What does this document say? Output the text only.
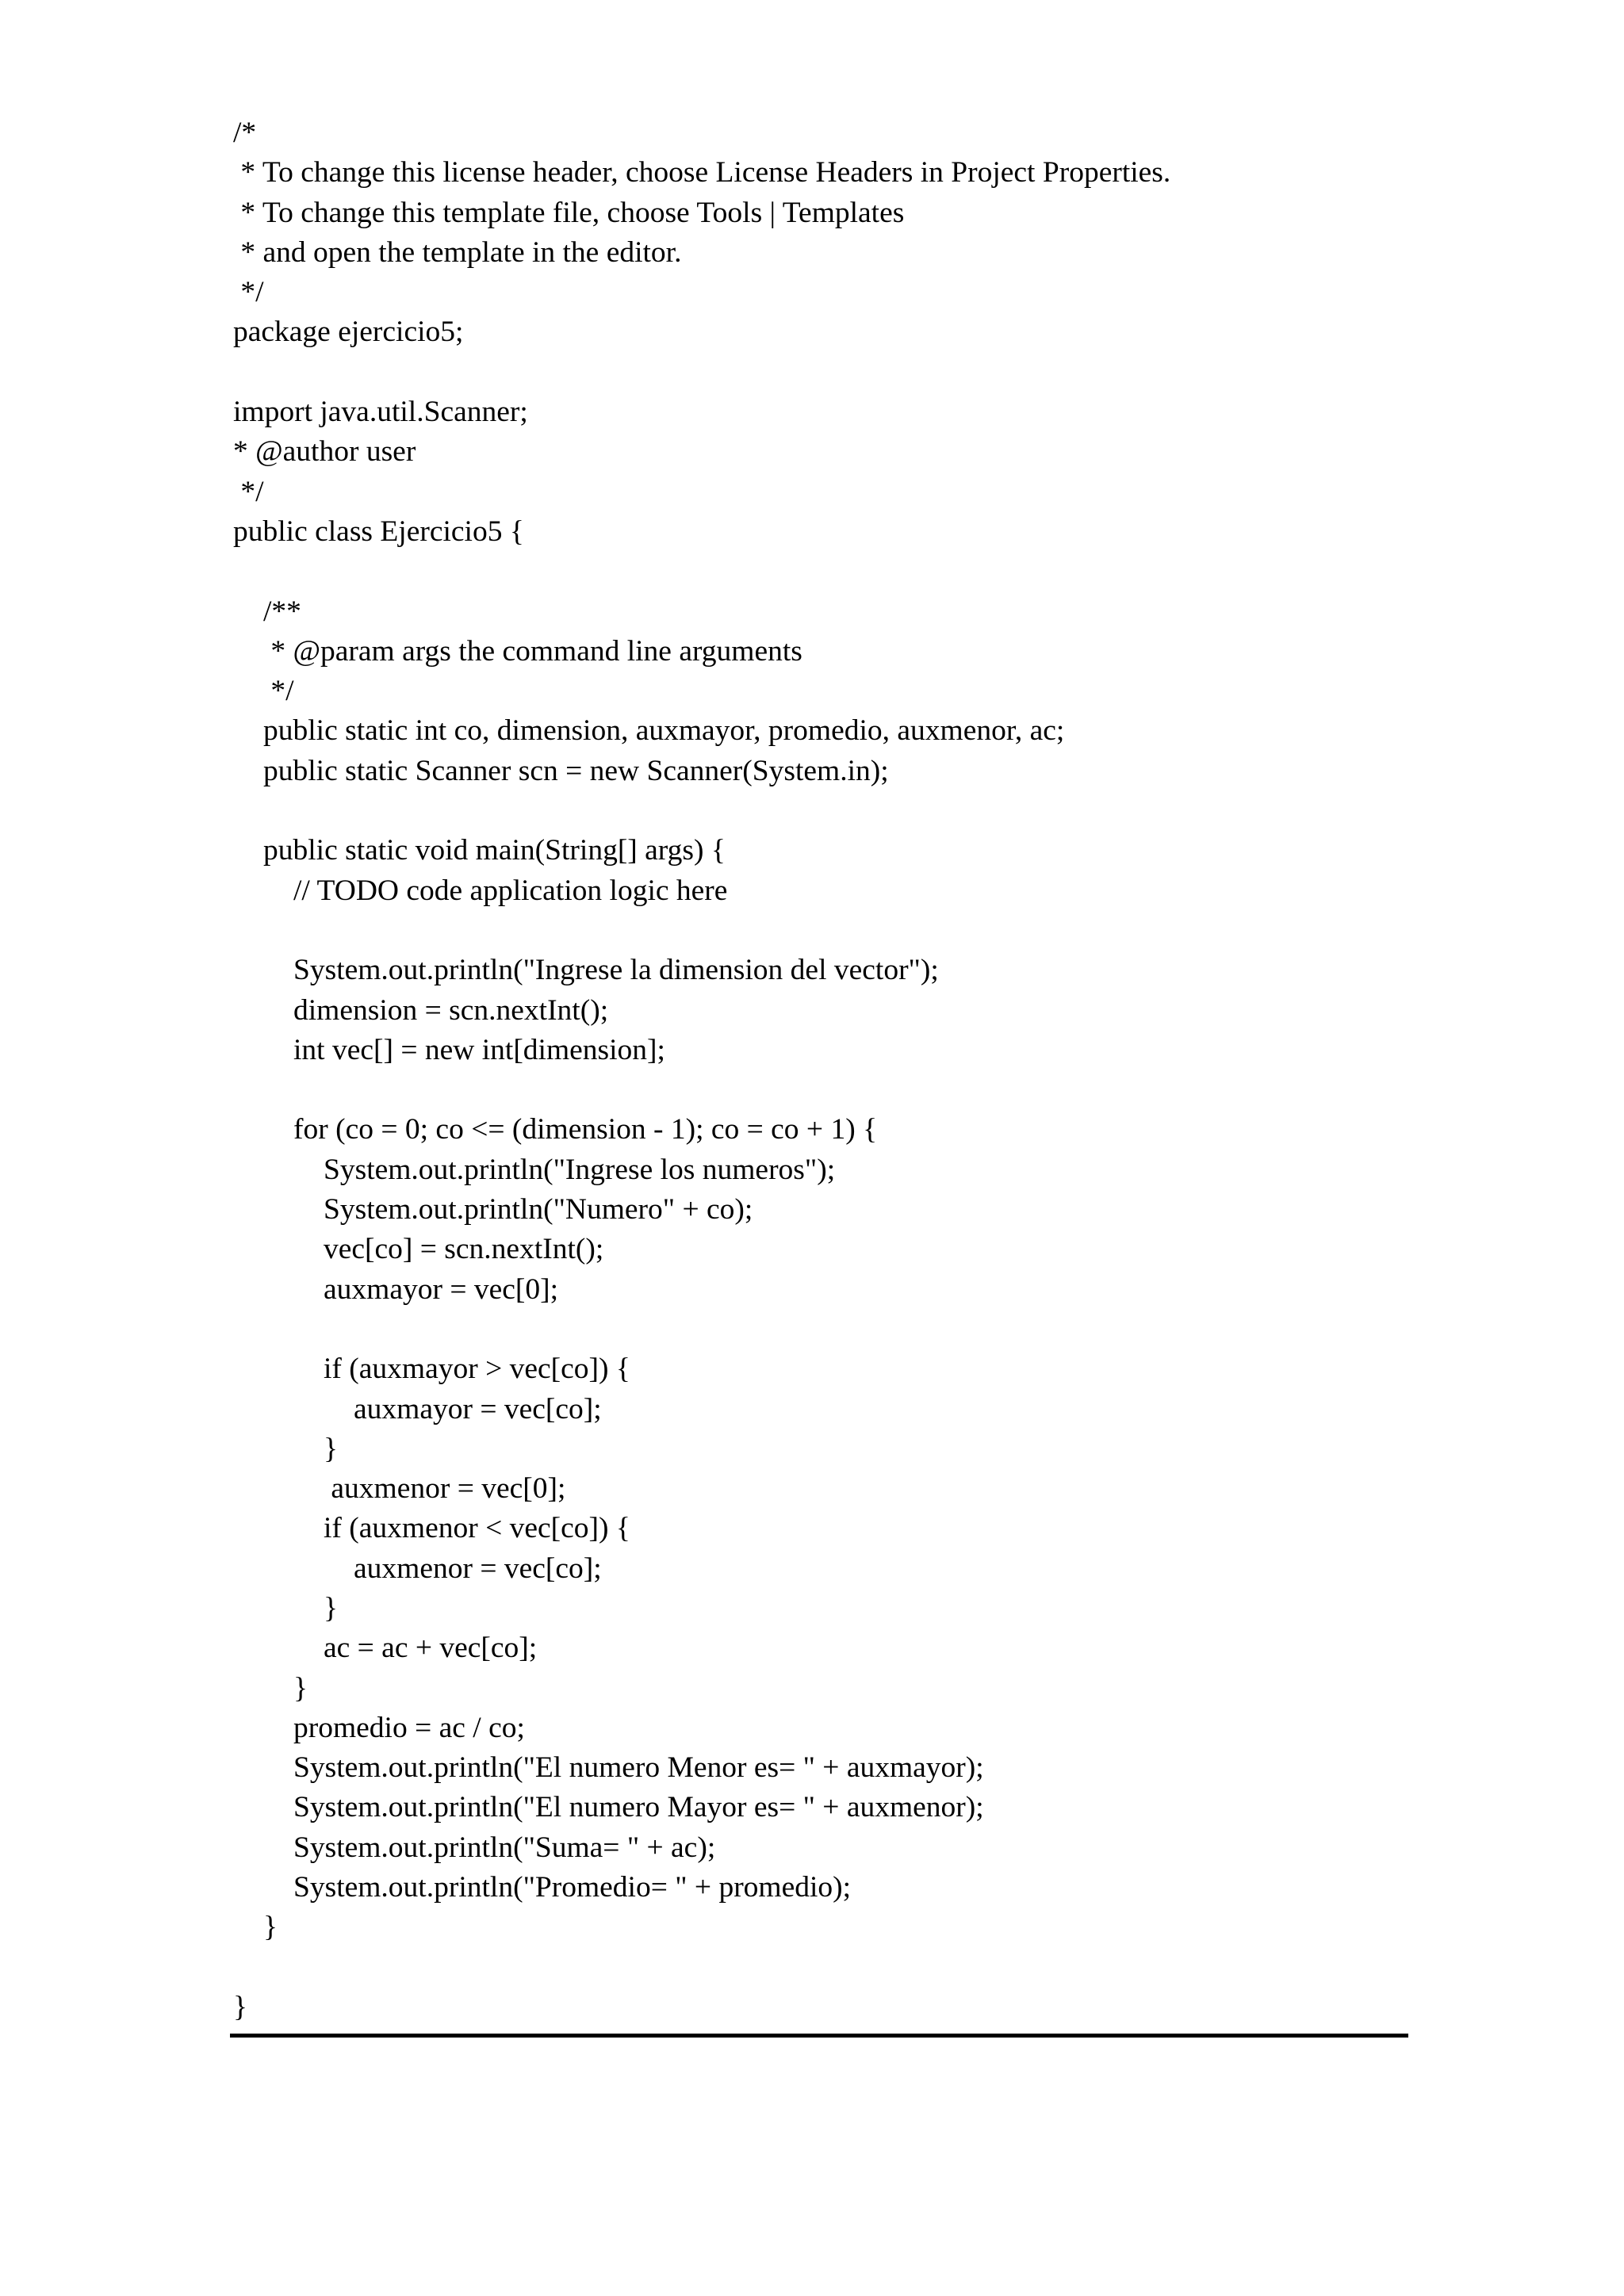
/*
* To change this license header, choose License Headers in Project Properties.
* To change this template file, choose Tools | Templates
* and open the template in the editor.
*/
package ejercicio5;
import java.util.Scanner;
* @author user
*/
public class Ejercicio5 {
/**
* @param args the command line arguments
*/
public static int co, dimension, auxmayor, promedio, auxmenor, ac;
public static Scanner scn = new Scanner(System.in);
public static void main(String[] args) {
// TODO code application logic here
System.out.println("Ingrese la dimension del vector");
dimension = scn.nextInt();
int vec[] = new int[dimension];
for (co = 0; co <= (dimension - 1); co = co + 1) {
System.out.println("Ingrese los numeros");
System.out.println("Numero" + co);
vec[co] = scn.nextInt();
auxmayor = vec[0];
if (auxmayor > vec[co]) {
auxmayor = vec[co];
}
auxmenor = vec[0];
if (auxmenor < vec[co]) {
auxmenor = vec[co];
}
ac = ac + vec[co];
}
promedio = ac / co;
System.out.println("El numero Menor es= " + auxmayor);
System.out.println("El numero Mayor es= " + auxmenor);
System.out.println("Suma= " + ac);
System.out.println("Promedio= " + promedio);
}
}
